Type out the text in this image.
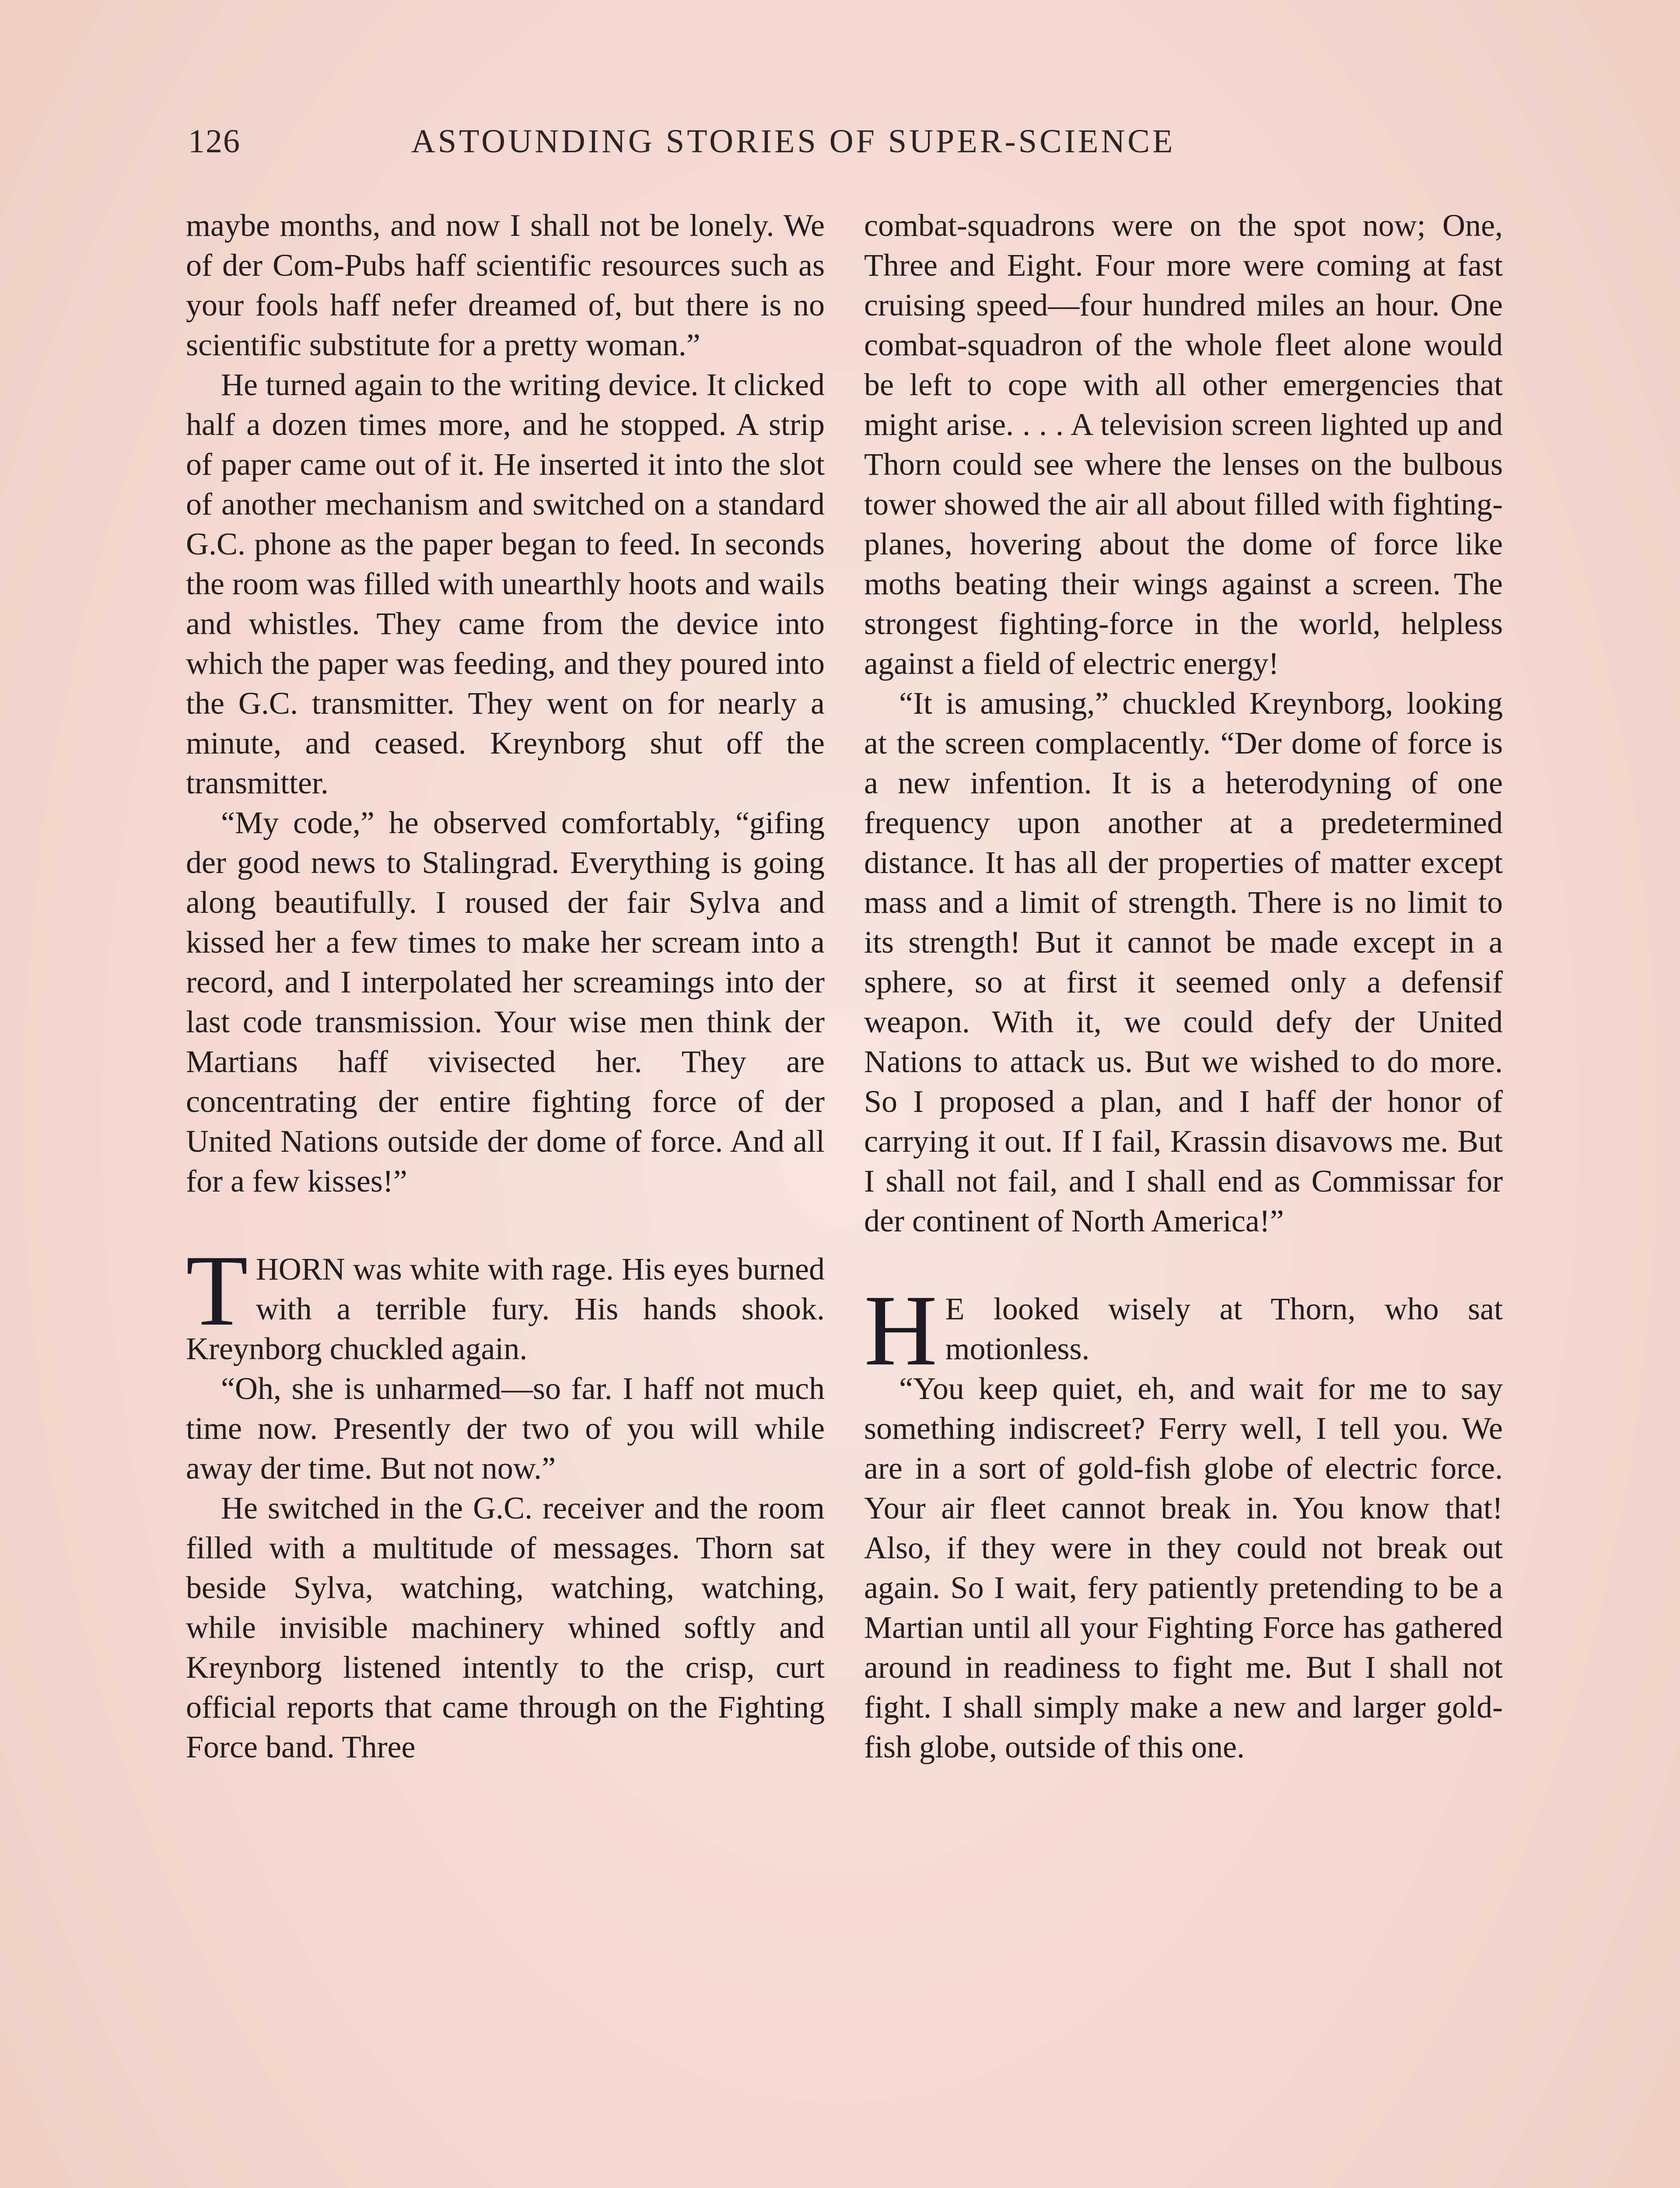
126	ASTOUNDING STORIES OF SUPER-SCIENCE

maybe months, and now I shall not be lonely. We of der Com-Pubs haff scientific resources such as your fools haff nefer dreamed of, but there is no scientific substitute for a pretty woman.”

He turned again to the writing device. It clicked half a dozen times more, and he stopped. A strip of paper came out of it. He inserted it into the slot of another mechanism and switched on a standard G.C. phone as the paper began to feed. In seconds the room was filled with unearthly hoots and wails and whistles. They came from the device into which the paper was feeding, and they poured into the G.C. transmitter. They went on for nearly a minute, and ceased. Kreynborg shut off the transmitter.

“My code,” he observed comfortably, “gifing der good news to Stalingrad. Everything is going along beautifully. I roused der fair Sylva and kissed her a few times to make her scream into a record, and I interpolated her screamings into der last code transmission. Your wise men think der Martians haff vivisected her. They are concentrating der entire fighting force of der United Nations outside der dome of force. And all for a few kisses!”

THORN was white with rage. His eyes burned with a terrible fury. His hands shook. Kreynborg chuckled again.

“Oh, she is unharmed—so far. I haff not much time now. Presently der two of you will while away der time. But not now.”

He switched in the G.C. receiver and the room filled with a multitude of messages. Thorn sat beside Sylva, watching, watching, watching, while invisible machinery whined softly and Kreynborg listened intently to the crisp, curt official reports that came through on the Fighting Force band. Three

combat-squadrons were on the spot now; One, Three and Eight. Four more were coming at fast cruising speed—four hundred miles an hour. One combat-squadron of the whole fleet alone would be left to cope with all other emergencies that might arise. . . . A television screen lighted up and Thorn could see where the lenses on the bulbous tower showed the air all about filled with fighting-planes, hovering about the dome of force like moths beating their wings against a screen. The strongest fighting-force in the world, helpless against a field of electric energy!

“It is amusing,” chuckled Kreynborg, looking at the screen complacently. “Der dome of force is a new infention. It is a heterodyning of one frequency upon another at a predetermined distance. It has all der properties of matter except mass and a limit of strength. There is no limit to its strength! But it cannot be made except in a sphere, so at first it seemed only a defensif weapon. With it, we could defy der United Nations to attack us. But we wished to do more. So I proposed a plan, and I haff der honor of carrying it out. If I fail, Krassin disavows me. But I shall not fail, and I shall end as Commissar for der continent of North America!”

H E looked wisely at Thorn, who sat motionless.

“You keep quiet, eh, and wait for me to say something indiscreet? Ferry well, I tell you. We are in a sort of gold-fish globe of electric force. Your air fleet cannot break in. You know that! Also, if they were in they could not break out again. So I wait, fery patiently pretending to be a Martian until all your Fighting Force has gathered around in readiness to fight me. But I shall not fight. I shall simply make a new and larger gold-fish globe, outside of this one.
